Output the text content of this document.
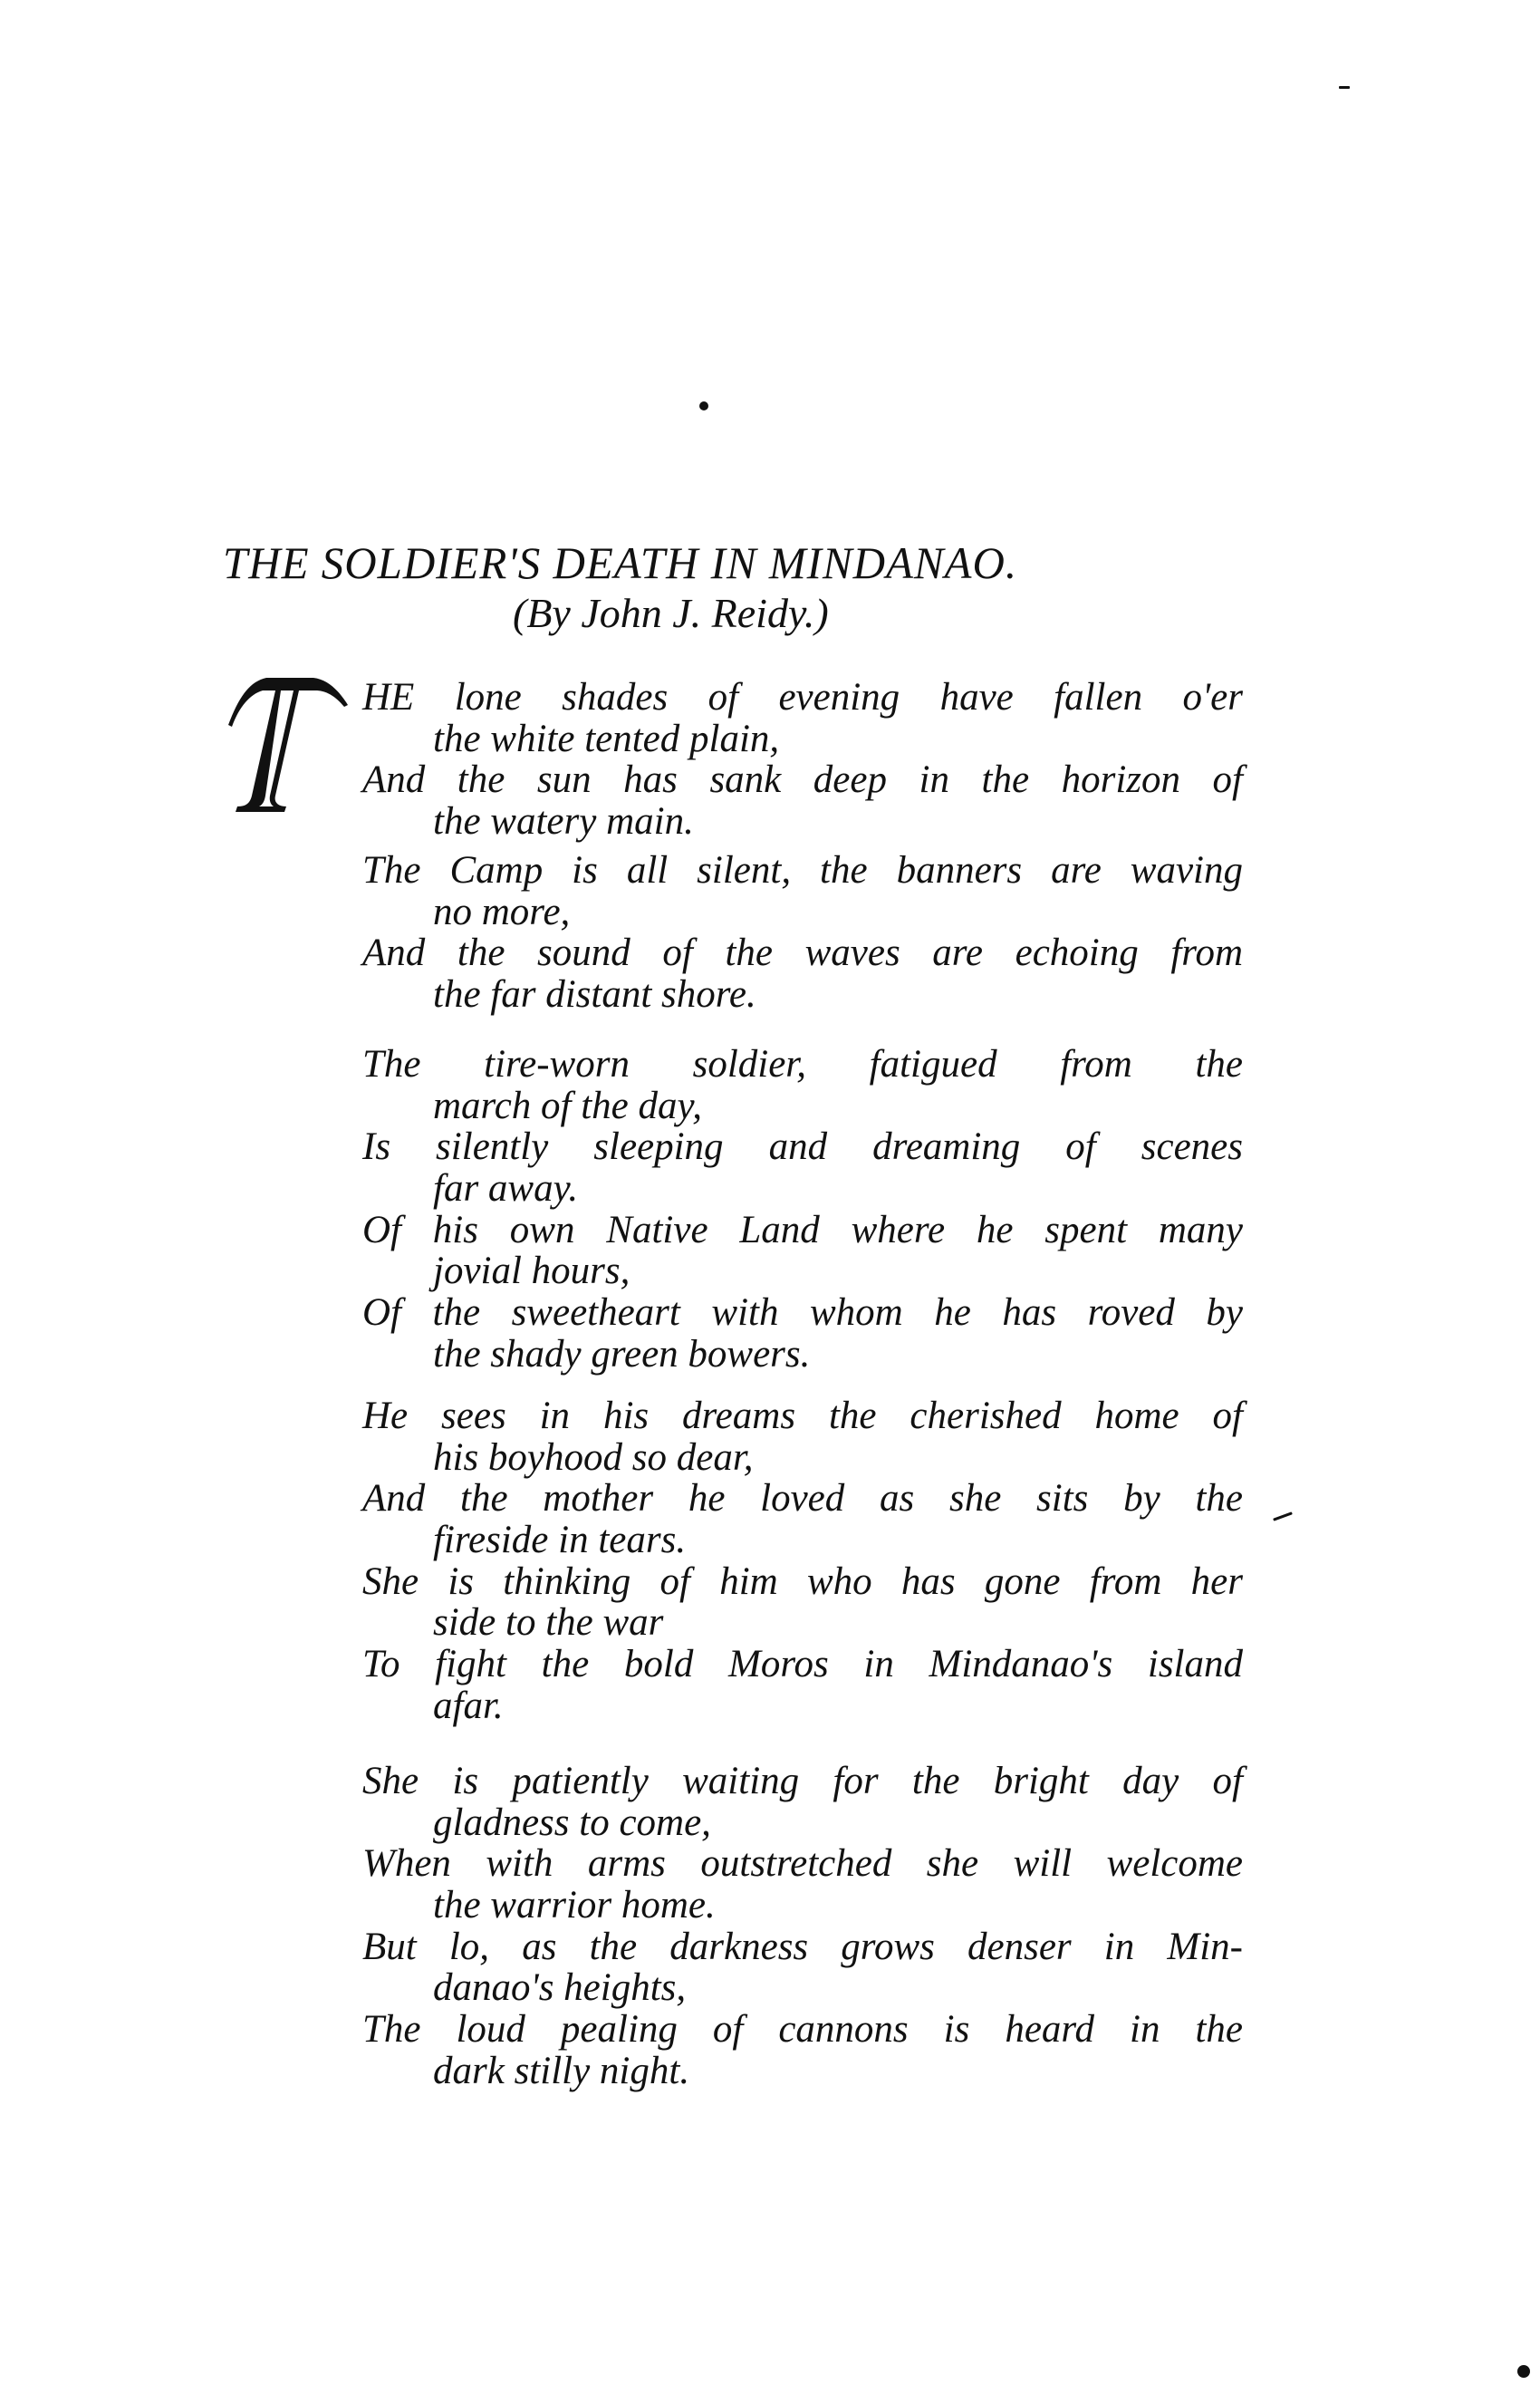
THE SOLDIER'S DEATH IN MINDANAO.
(By John J. Reidy.)
HE lone shades of evening have fallen o'er
the white tented plain,
And the sun has sank deep in the horizon of
the watery main.
The Camp is all silent, the banners are waving
no more,
And the sound of the waves are echoing from
the far distant shore.
The tire-worn soldier, fatigued from the
march of the day,
Is silently sleeping and dreaming of scenes
far away.
Of his own Native Land where he spent many
jovial hours,
Of the sweetheart with whom he has roved by
the shady green bowers.
He sees in his dreams the cherished home of
his boyhood so dear,
And the mother he loved as she sits by the
fireside in tears.
She is thinking of him who has gone from her
side to the war
To fight the bold Moros in Mindanao's island
afar.
She is patiently waiting for the bright day of
gladness to come,
When with arms outstretched she will welcome
the warrior home.
But lo, as the darkness grows denser in Min-
danao's heights,
The loud pealing of cannons is heard in the
dark stilly night.
